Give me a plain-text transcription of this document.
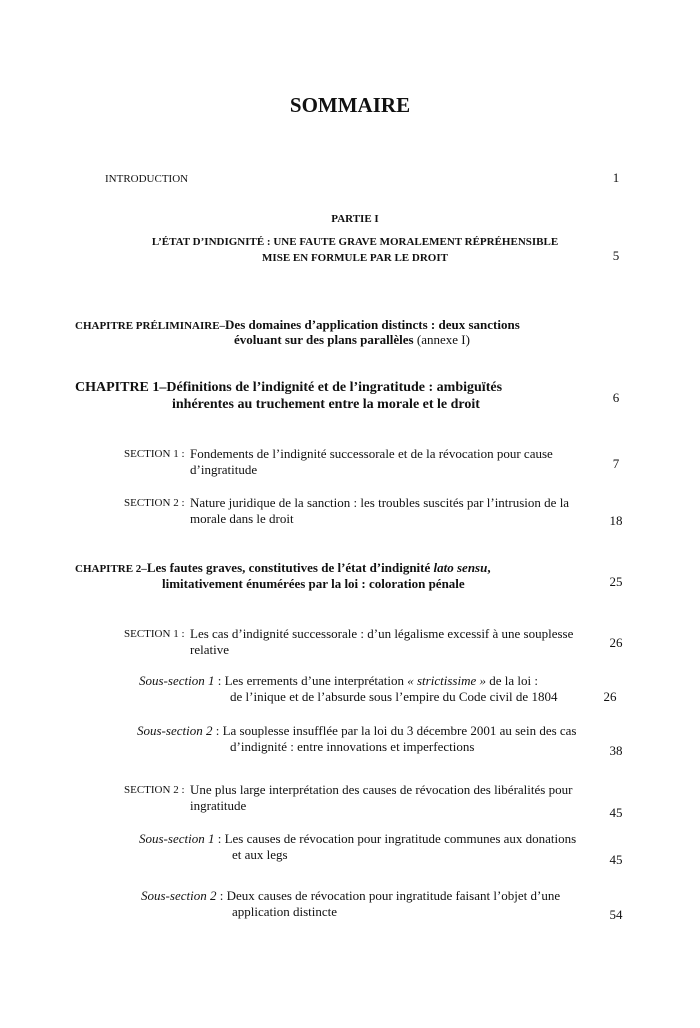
SOMMAIRE
INTRODUCTION	1
PARTIE I
L’ÉTAT D’INDIGNITÉ : UNE FAUTE GRAVE MORALEMENT RÉPRÉHENSIBLE
MISE EN FORMULE PAR LE DROIT	5
CHAPITRE PRÉLIMINAIRE–Des domaines d’application distincts : deux sanctions
évoluant sur des plans parallèles (annexe I)
CHAPITRE 1–Définitions de l’indignité et de l’ingratitude : ambiguïtés
inhérentes au truchement entre la morale et le droit	6
SECTION 1 : Fondements de l’indignité successorale et de la révocation pour cause
d’ingratitude	7
SECTION 2 : Nature juridique de la sanction : les troubles suscités par l’intrusion de la
morale dans le droit	18
CHAPITRE 2–Les fautes graves, constitutives de l’état d’indignité lato sensu,
limitativement énumérées par la loi : coloration pénale	25
SECTION 1 : Les cas d’indignité successorale : d’un légalisme excessif à une souplesse
relative	26
Sous-section 1 : Les errements d’une interprétation « strictissime » de la loi :
de l’inique et de l’absurde sous l’empire du Code civil de 1804	26
Sous-section 2 : La souplesse insufflée par la loi du 3 décembre 2001 au sein des cas
d’indignité : entre innovations et imperfections	38
SECTION 2 : Une plus large interprétation des causes de révocation des libéralités pour
ingratitude	45
Sous-section 1 : Les causes de révocation pour ingratitude communes aux donations
et aux legs	45
Sous-section 2 : Deux causes de révocation pour ingratitude faisant l’objet d’une
application distincte	54
